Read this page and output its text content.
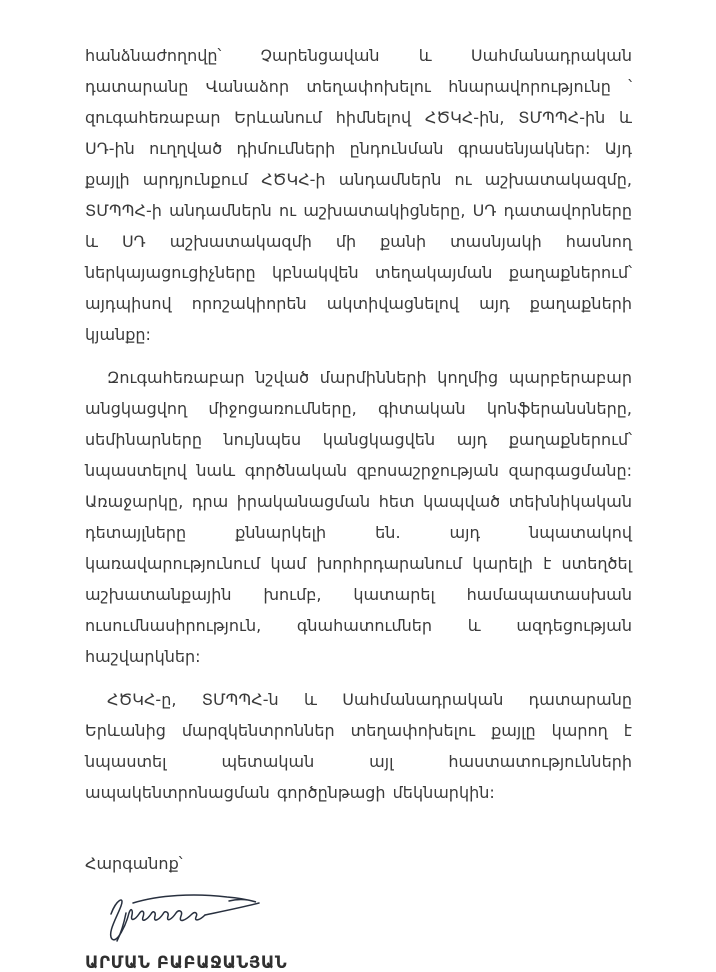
հանձնաժողովը՝ Չարենցավան և Սահմանադրական դատարանը Վանաձոր տեղափոխելու հնարավորությունը ՝ զուգահեռաբար Երևանում հիմնելով ՀԾԿՀ-ին, ՏՄՊՊՀ-ին և ՍԴ-ին ուղղված դիմումների ընդունման գրասենյակներ: Այդ քայլի արդյունքում ՀԾԿՀ-ի անդամներն ու աշխատակազմը, ՏՄՊՊՀ-ի անդամներն ու աշխատակիցները, ՍԴ դատավորները և ՍԴ աշխատակազմի մի քանի տասնյակի հասնող ներկայացուցիչները կբնակվեն տեղակայման քաղաքներում՝ այդպիսով որոշակիորեն ակտիվացնելով այդ քաղաքների կյանքը:

Զուգահեռաբար նշված մարմինների կողմից պարբերաբար անցկացվող միջոցառումները, գիտական կոնֆերանսները, սեմինարները նույնպես կանցկացվեն այդ քաղաքներում՝ նպաստելով նաև գործնական զբոսաշրջության զարգացմանը: Առաջարկը, դրա իրականացման հետ կապված տեխնիկական դետայլները քննարկելի են. այդ նպատակով կառավարությունում կամ խորհրդարանում կարելի է ստեղծել աշխատանքային խումբ, կատարել համապատասխան ուսումնասիրություն, գնահատումներ և ազդեցության հաշվարկներ:

ՀԾԿՀ-ը, ՏՄՊՊՀ-ն և Սահմանադրական դատարանը Երևանից մարզկենտրոններ տեղափոխելու քայլը կարող է նպաստել պետական այլ հաստատությունների ապակենտրոնացման գործընթացի մեկնարկին:

Հարգանոք՝

ԱՐՄԱՆ ԲԱԲԱՋԱՆՅԱՆ
